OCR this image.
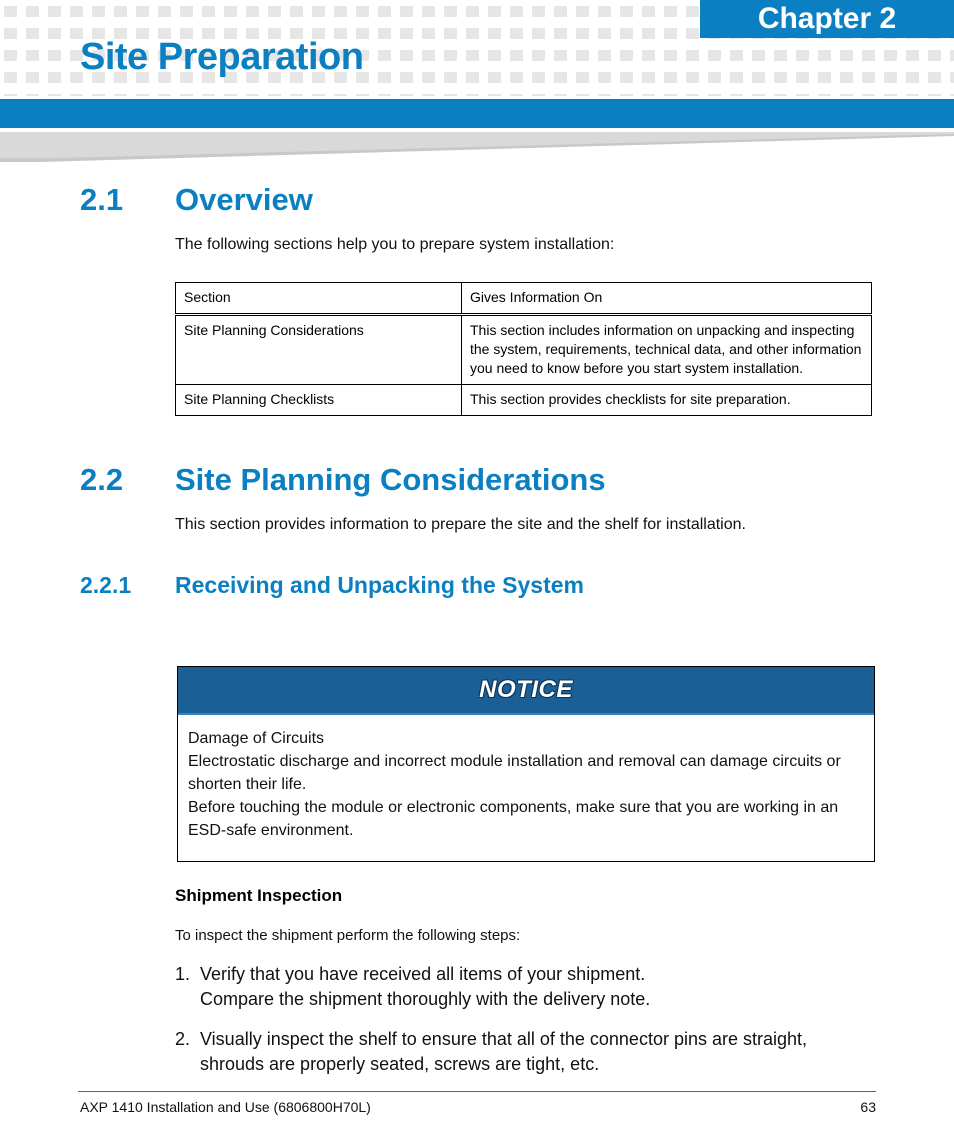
Chapter 2
Site Preparation
2.1 Overview

The following sections help you to prepare system installation:

Section	Gives Information On
Site Planning Considerations	This section includes information on unpacking and inspecting the system, requirements, technical data, and other information you need to know before you start system installation.
Site Planning Checklists	This section provides checklists for site preparation.
2.2 Site Planning Considerations

This section provides information to prepare the site and the shelf for installation.

2.2.1 Receiving and Unpacking the System
NOTICE
Damage of Circuits
Electrostatic discharge and incorrect module installation and removal can damage circuits or shorten their life.
Before touching the module or electronic components, make sure that you are working in an ESD-safe environment.
Shipment Inspection

To inspect the shipment perform the following steps:

1. Verify that you have received all items of your shipment.
Compare the shipment thoroughly with the delivery note.
2. Visually inspect the shelf to ensure that all of the connector pins are straight, shrouds are properly seated, screws are tight, etc.
AXP 1410 Installation and Use (6806800H70L)	63
